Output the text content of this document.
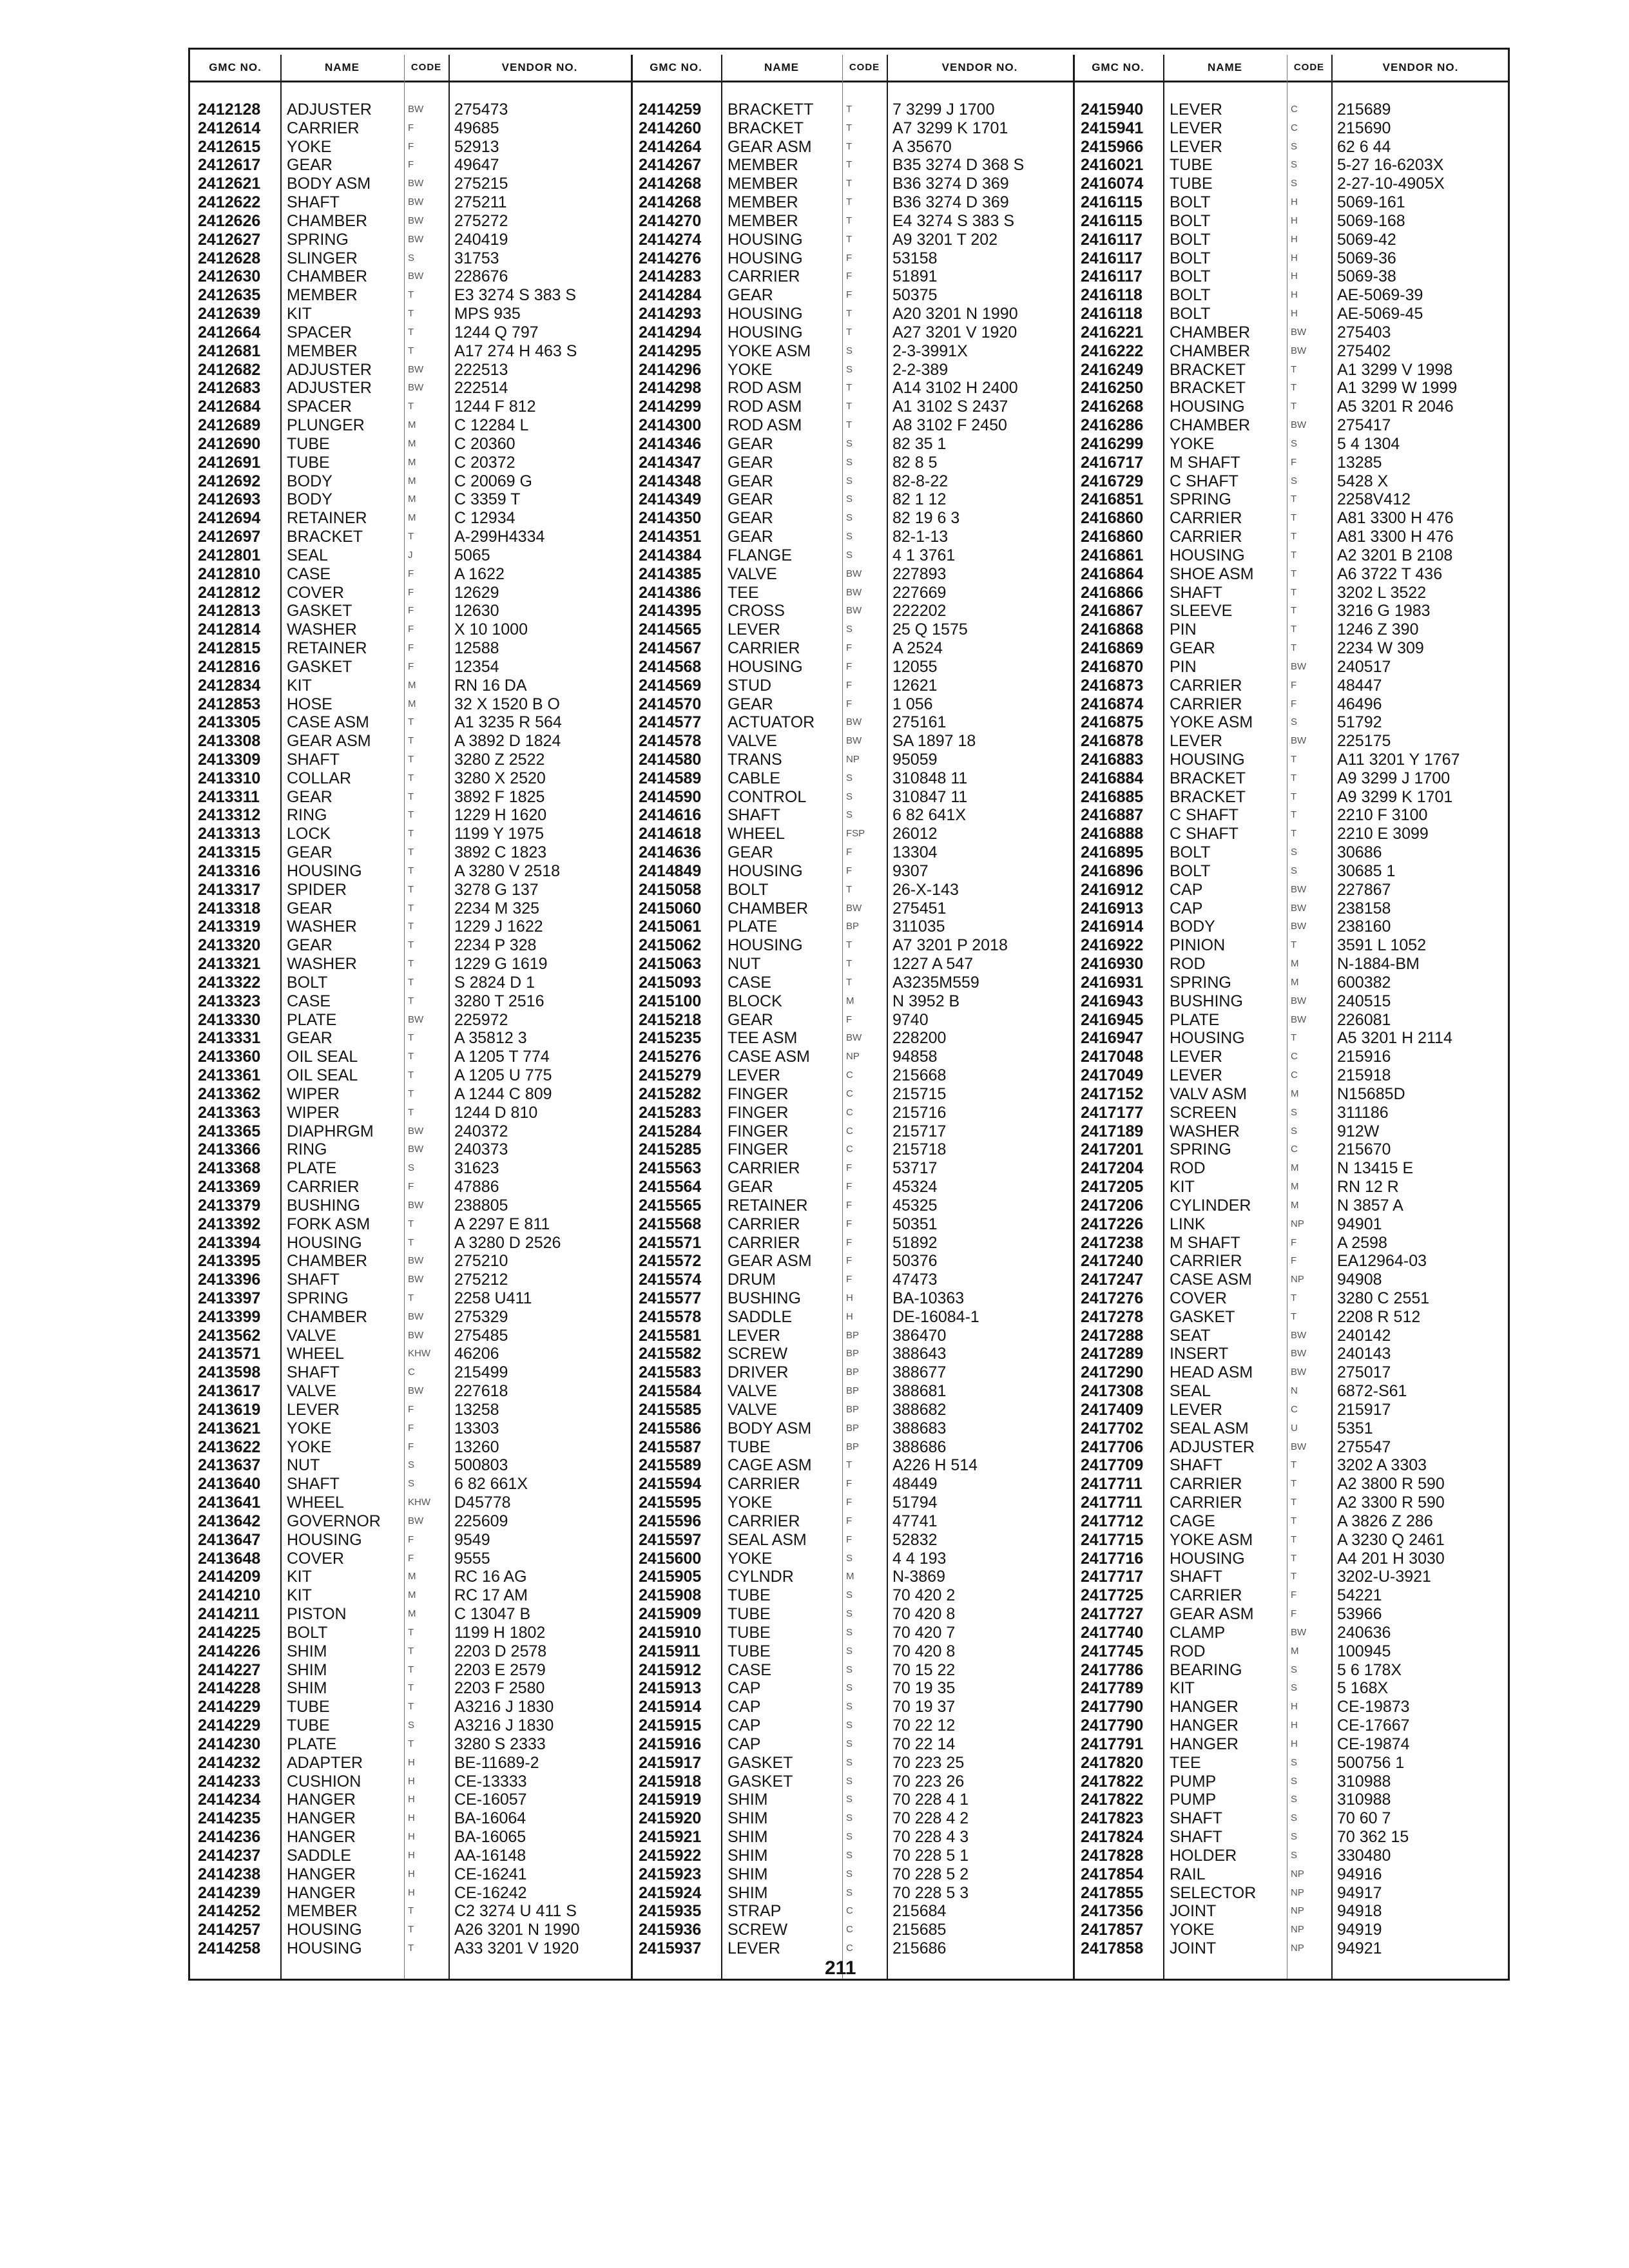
GMC NO.	NAME	CODE	VENDOR NO.	GMC NO.	NAME	CODE	VENDOR NO.	GMC NO.	NAME	CODE	VENDOR NO.
2412128	ADJUSTER	BW	275473
2412614	CARRIER	F	49685
2412615	YOKE	F	52913
2412617	GEAR	F	49647
2412621	BODY ASM	BW	275215
2412622	SHAFT	BW	275211
2412626	CHAMBER	BW	275272
2412627	SPRING	BW	240419
2412628	SLINGER	S	31753
2412630	CHAMBER	BW	228676
2412635	MEMBER	T	E3 3274 S 383 S
2412639	KIT	T	MPS 935
2412664	SPACER	T	1244 Q 797
2412681	MEMBER	T	A17 274 H 463 S
2412682	ADJUSTER	BW	222513
2412683	ADJUSTER	BW	222514
2412684	SPACER	T	1244 F 812
2412689	PLUNGER	M	C 12284 L
2412690	TUBE	M	C 20360
2412691	TUBE	M	C 20372
2412692	BODY	M	C 20069 G
2412693	BODY	M	C 3359 T
2412694	RETAINER	M	C 12934
2412697	BRACKET	T	A-299H4334
2412801	SEAL	J	5065
2412810	CASE	F	A 1622
2412812	COVER	F	12629
2412813	GASKET	F	12630
2412814	WASHER	F	X 10 1000
2412815	RETAINER	F	12588
2412816	GASKET	F	12354
2412834	KIT	M	RN 16 DA
2412853	HOSE	M	32 X 1520 B O
2413305	CASE ASM	T	A1 3235 R 564
2413308	GEAR ASM	T	A 3892 D 1824
2413309	SHAFT	T	3280 Z 2522
2413310	COLLAR	T	3280 X 2520
2413311	GEAR	T	3892 F 1825
2413312	RING	T	1229 H 1620
2413313	LOCK	T	1199 Y 1975
2413315	GEAR	T	3892 C 1823
2413316	HOUSING	T	A 3280 V 2518
2413317	SPIDER	T	3278 G 137
2413318	GEAR	T	2234 M 325
2413319	WASHER	T	1229 J 1622
2413320	GEAR	T	2234 P 328
2413321	WASHER	T	1229 G 1619
2413322	BOLT	T	S 2824 D 1
2413323	CASE	T	3280 T 2516
2413330	PLATE	BW	225972
2413331	GEAR	T	A 35812 3
2413360	OIL SEAL	T	A 1205 T 774
2413361	OIL SEAL	T	A 1205 U 775
2413362	WIPER	T	A 1244 C 809
2413363	WIPER	T	1244 D 810
2413365	DIAPHRGM	BW	240372
2413366	RING	BW	240373
2413368	PLATE	S	31623
2413369	CARRIER	F	47886
2413379	BUSHING	BW	238805
2413392	FORK ASM	T	A 2297 E 811
2413394	HOUSING	T	A 3280 D 2526
2413395	CHAMBER	BW	275210
2413396	SHAFT	BW	275212
2413397	SPRING	T	2258 U411
2413399	CHAMBER	BW	275329
2413562	VALVE	BW	275485
2413571	WHEEL	KHW	46206
2413598	SHAFT	C	215499
2413617	VALVE	BW	227618
2413619	LEVER	F	13258
2413621	YOKE	F	13303
2413622	YOKE	F	13260
2413637	NUT	S	500803
2413640	SHAFT	S	6 82 661X
2413641	WHEEL	KHW	D45778
2413642	GOVERNOR	BW	225609
2413647	HOUSING	F	9549
2413648	COVER	F	9555
2414209	KIT	M	RC 16 AG
2414210	KIT	M	RC 17 AM
2414211	PISTON	M	C 13047 B
2414225	BOLT	T	1199 H 1802
2414226	SHIM	T	2203 D 2578
2414227	SHIM	T	2203 E 2579
2414228	SHIM	T	2203 F 2580
2414229	TUBE	T	A3216 J 1830
2414229	TUBE	S	A3216 J 1830
2414230	PLATE	T	3280 S 2333
2414232	ADAPTER	H	BE-11689-2
2414233	CUSHION	H	CE-13333
2414234	HANGER	H	CE-16057
2414235	HANGER	H	BA-16064
2414236	HANGER	H	BA-16065
2414237	SADDLE	H	AA-16148
2414238	HANGER	H	CE-16241
2414239	HANGER	H	CE-16242
2414252	MEMBER	T	C2 3274 U 411 S
2414257	HOUSING	T	A26 3201 N 1990
2414258	HOUSING	T	A33 3201 V 1920
2414259	BRACKETT	T	7 3299 J 1700
2414260	BRACKET	T	A7 3299 K 1701
2414264	GEAR ASM	T	A 35670
2414267	MEMBER	T	B35 3274 D 368 S
2414268	MEMBER	T	B36 3274 D 369
2414268	MEMBER	T	B36 3274 D 369
2414270	MEMBER	T	E4 3274 S 383 S
2414274	HOUSING	T	A9 3201 T 202
2414276	HOUSING	F	53158
2414283	CARRIER	F	51891
2414284	GEAR	F	50375
2414293	HOUSING	T	A20 3201 N 1990
2414294	HOUSING	T	A27 3201 V 1920
2414295	YOKE ASM	S	2-3-3991X
2414296	YOKE	S	2-2-389
2414298	ROD ASM	T	A14 3102 H 2400
2414299	ROD ASM	T	A1 3102 S 2437
2414300	ROD ASM	T	A8 3102 F 2450
2414346	GEAR	S	82 35 1
2414347	GEAR	S	82 8 5
2414348	GEAR	S	82-8-22
2414349	GEAR	S	82 1 12
2414350	GEAR	S	82 19 6 3
2414351	GEAR	S	82-1-13
2414384	FLANGE	S	4 1 3761
2414385	VALVE	BW	227893
2414386	TEE	BW	227669
2414395	CROSS	BW	222202
2414565	LEVER	S	25 Q 1575
2414567	CARRIER	F	A 2524
2414568	HOUSING	F	12055
2414569	STUD	F	12621
2414570	GEAR	F	1 056
2414577	ACTUATOR	BW	275161
2414578	VALVE	BW	SA 1897 18
2414580	TRANS	NP	95059
2414589	CABLE	S	310848 11
2414590	CONTROL	S	310847 11
2414616	SHAFT	S	6 82 641X
2414618	WHEEL	FSP	26012
2414636	GEAR	F	13304
2414849	HOUSING	F	9307
2415058	BOLT	T	26-X-143
2415060	CHAMBER	BW	275451
2415061	PLATE	BP	311035
2415062	HOUSING	T	A7 3201 P 2018
2415063	NUT	T	1227 A 547
2415093	CASE	T	A3235M559
2415100	BLOCK	M	N 3952 B
2415218	GEAR	F	9740
2415235	TEE ASM	BW	228200
2415276	CASE ASM	NP	94858
2415279	LEVER	C	215668
2415282	FINGER	C	215715
2415283	FINGER	C	215716
2415284	FINGER	C	215717
2415285	FINGER	C	215718
2415563	CARRIER	F	53717
2415564	GEAR	F	45324
2415565	RETAINER	F	45325
2415568	CARRIER	F	50351
2415571	CARRIER	F	51892
2415572	GEAR ASM	F	50376
2415574	DRUM	F	47473
2415577	BUSHING	H	BA-10363
2415578	SADDLE	H	DE-16084-1
2415581	LEVER	BP	386470
2415582	SCREW	BP	388643
2415583	DRIVER	BP	388677
2415584	VALVE	BP	388681
2415585	VALVE	BP	388682
2415586	BODY ASM	BP	388683
2415587	TUBE	BP	388686
2415589	CAGE ASM	T	A226 H 514
2415594	CARRIER	F	48449
2415595	YOKE	F	51794
2415596	CARRIER	F	47741
2415597	SEAL ASM	F	52832
2415600	YOKE	S	4 4 193
2415905	CYLNDR	M	N-3869
2415908	TUBE	S	70 420 2
2415909	TUBE	S	70 420 8
2415910	TUBE	S	70 420 7
2415911	TUBE	S	70 420 8
2415912	CASE	S	70 15 22
2415913	CAP	S	70 19 35
2415914	CAP	S	70 19 37
2415915	CAP	S	70 22 12
2415916	CAP	S	70 22 14
2415917	GASKET	S	70 223 25
2415918	GASKET	S	70 223 26
2415919	SHIM	S	70 228 4 1
2415920	SHIM	S	70 228 4 2
2415921	SHIM	S	70 228 4 3
2415922	SHIM	S	70 228 5 1
2415923	SHIM	S	70 228 5 2
2415924	SHIM	S	70 228 5 3
2415935	STRAP	C	215684
2415936	SCREW	C	215685
2415937	LEVER	C	215686
2415940	LEVER	C	215689
2415941	LEVER	C	215690
2415966	LEVER	S	62 6 44
2416021	TUBE	S	5-27 16-6203X
2416074	TUBE	S	2-27-10-4905X
2416115	BOLT	H	5069-161
2416115	BOLT	H	5069-168
2416117	BOLT	H	5069-42
2416117	BOLT	H	5069-36
2416117	BOLT	H	5069-38
2416118	BOLT	H	AE-5069-39
2416118	BOLT	H	AE-5069-45
2416221	CHAMBER	BW	275403
2416222	CHAMBER	BW	275402
2416249	BRACKET	T	A1 3299 V 1998
2416250	BRACKET	T	A1 3299 W 1999
2416268	HOUSING	T	A5 3201 R 2046
2416286	CHAMBER	BW	275417
2416299	YOKE	S	5 4 1304
2416717	M SHAFT	F	13285
2416729	C SHAFT	S	5428 X
2416851	SPRING	T	2258V412
2416860	CARRIER	T	A81 3300 H 476
2416860	CARRIER	T	A81 3300 H 476
2416861	HOUSING	T	A2 3201 B 2108
2416864	SHOE ASM	T	A6 3722 T 436
2416866	SHAFT	T	3202 L 3522
2416867	SLEEVE	T	3216 G 1983
2416868	PIN	T	1246 Z 390
2416869	GEAR	T	2234 W 309
2416870	PIN	BW	240517
2416873	CARRIER	F	48447
2416874	CARRIER	F	46496
2416875	YOKE ASM	S	51792
2416878	LEVER	BW	225175
2416883	HOUSING	T	A11 3201 Y 1767
2416884	BRACKET	T	A9 3299 J 1700
2416885	BRACKET	T	A9 3299 K 1701
2416887	C SHAFT	T	2210 F 3100
2416888	C SHAFT	T	2210 E 3099
2416895	BOLT	S	30686
2416896	BOLT	S	30685 1
2416912	CAP	BW	227867
2416913	CAP	BW	238158
2416914	BODY	BW	238160
2416922	PINION	T	3591 L 1052
2416930	ROD	M	N-1884-BM
2416931	SPRING	M	600382
2416943	BUSHING	BW	240515
2416945	PLATE	BW	226081
2416947	HOUSING	T	A5 3201 H 2114
2417048	LEVER	C	215916
2417049	LEVER	C	215918
2417152	VALV ASM	M	N15685D
2417177	SCREEN	S	311186
2417189	WASHER	S	912W
2417201	SPRING	C	215670
2417204	ROD	M	N 13415 E
2417205	KIT	M	RN 12 R
2417206	CYLINDER	M	N 3857 A
2417226	LINK	NP	94901
2417238	M SHAFT	F	A 2598
2417240	CARRIER	F	EA12964-03
2417247	CASE ASM	NP	94908
2417276	COVER	T	3280 C 2551
2417278	GASKET	T	2208 R 512
2417288	SEAT	BW	240142
2417289	INSERT	BW	240143
2417290	HEAD ASM	BW	275017
2417308	SEAL	N	6872-S61
2417409	LEVER	C	215917
2417702	SEAL ASM	U	5351
2417706	ADJUSTER	BW	275547
2417709	SHAFT	T	3202 A 3303
2417711	CARRIER	T	A2 3800 R 590
2417711	CARRIER	T	A2 3300 R 590
2417712	CAGE	T	A 3826 Z 286
2417715	YOKE ASM	T	A 3230 Q 2461
2417716	HOUSING	T	A4 201 H 3030
2417717	SHAFT	T	3202-U-3921
2417725	CARRIER	F	54221
2417727	GEAR ASM	F	53966
2417740	CLAMP	BW	240636
2417745	ROD	M	100945
2417786	BEARING	S	5 6 178X
2417789	KIT	S	5 168X
2417790	HANGER	H	CE-19873
2417790	HANGER	H	CE-17667
2417791	HANGER	H	CE-19874
2417820	TEE	S	500756 1
2417822	PUMP	S	310988
2417822	PUMP	S	310988
2417823	SHAFT	S	70 60 7
2417824	SHAFT	S	70 362 15
2417828	HOLDER	S	330480
2417854	RAIL	NP	94916
2417855	SELECTOR	NP	94917
2417356	JOINT	NP	94918
2417857	YOKE	NP	94919
2417858	JOINT	NP	94921
211
